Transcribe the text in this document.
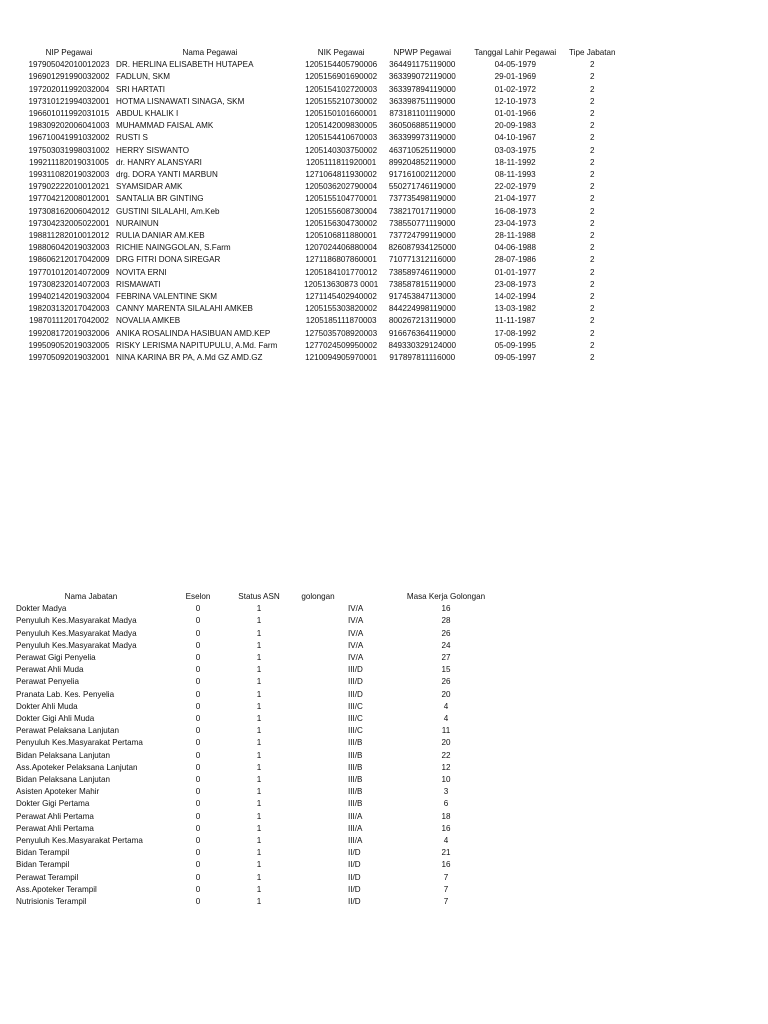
NIP Pegawai	Nama Pegawai	NIK Pegawai	NPWP Pegawai	Tanggal Lahir Pegawai	Tipe Jabatan
197905042010012023	DR. HERLINA ELISABETH HUTAPEA	1205154405790006	364491175119000	04-05-1979	2
196901291990032002	FADLUN, SKM	1205156901690002	363399072119000	29-01-1969	2
197202011992032004	SRI HARTATI	1205154102720003	363397894119000	01-02-1972	2
197310121994032001	HOTMA LISNAWATI SINAGA, SKM	1205155210730002	363398751119000	12-10-1973	2
196601011992031015	ABDUL KHALIK I	1205150101660001	873181101119000	01-01-1966	2
198309202006041003	MUHAMMAD FAISAL AMK	1205142009830005	360506885119000	20-09-1983	2
196710041991032002	RUSTI S	1205154410670003	363399973119000	04-10-1967	2
197503031998031002	HERRY SISWANTO	1205140303750002	463710525119000	03-03-1975	2
199211182019031005	dr. HANRY ALANSYARI	1205111811920001	899204852119000	18-11-1992	2
199311082019032003	drg. DORA YANTI MARBUN	1271064811930002	917161002112000	08-11-1993	2
197902222010012021	SYAMSIDAR AMK	1205036202790004	550271746119000	22-02-1979	2
197704212008012001	SANTALIA BR GINTING	1205155104770001	737735498119000	21-04-1977	2
197308162006042012	GUSTINI SILALAHI, Am.Keb	1205155608730004	738217017119000	16-08-1973	2
197304232005022001	NURAINUN	1205156304730002	738550771119000	23-04-1973	2
198811282010012012	RULIA DANIAR AM.KEB	1205106811880001	737724799119000	28-11-1988	2
198806042019032003	RICHIE NAINGGOLAN, S.Farm	1207024406880004	826087934125000	04-06-1988	2
198606212017042009	DRG FITRI DONA SIREGAR	1271186807860001	710771312116000	28-07-1986	2
197701012014072009	NOVITA ERNI	1205184101770012	738589746119000	01-01-1977	2
197308232014072003	RISMAWATI	120513630873 0001	738587815119000	23-08-1973	2
199402142019032004	FEBRINA VALENTINE SKM	1271145402940002	917453847113000	14-02-1994	2
198203132017042003	CANNY MARENTA SILALAHI AMKEB	1205155303820002	844224998119000	13-03-1982	2
198701112017042002	NOVALIA AMKEB	1205185111870003	800267213119000	11-11-1987	2
199208172019032006	ANIKA ROSALINDA HASIBUAN AMD.KEP	1275035708920003	916676364119000	17-08-1992	2
199509052019032005	RISKY LERISMA NAPITUPULU, A.Md. Farm	1277024509950002	849330329124000	05-09-1995	2
199705092019032001	NINA KARINA BR PA, A.Md GZ AMD.GZ	1210094905970001	917897811116000	09-05-1997	2
Nama Jabatan	Eselon	Status ASN	golongan		Masa Kerja Golongan
Dokter Madya	0	1		IV/A	16
Penyuluh Kes.Masyarakat Madya	0	1		IV/A	28
Penyuluh Kes.Masyarakat Madya	0	1		IV/A	26
Penyuluh Kes.Masyarakat Madya	0	1		IV/A	24
Perawat Gigi Penyelia	0	1		IV/A	27
Perawat Ahli Muda	0	1		III/D	15
Perawat Penyelia	0	1		III/D	26
Pranata Lab. Kes. Penyelia	0	1		III/D	20
Dokter Ahli Muda	0	1		III/C	4
Dokter Gigi Ahli Muda	0	1		III/C	4
Perawat Pelaksana Lanjutan	0	1		III/C	11
Penyuluh Kes.Masyarakat Pertama	0	1		III/B	20
Bidan Pelaksana Lanjutan	0	1		III/B	22
Ass.Apoteker Pelaksana Lanjutan	0	1		III/B	12
Bidan Pelaksana Lanjutan	0	1		III/B	10
Asisten Apoteker Mahir	0	1		III/B	3
Dokter Gigi Pertama	0	1		III/B	6
Perawat Ahli Pertama	0	1		III/A	18
Perawat Ahli Pertama	0	1		III/A	16
Penyuluh Kes.Masyarakat Pertama	0	1		III/A	4
Bidan Terampil	0	1		II/D	21
Bidan Terampil	0	1		II/D	16
Perawat Terampil	0	1		II/D	7
Ass.Apoteker Terampil	0	1		II/D	7
Nutrisionis Terampil	0	1		II/D	7
